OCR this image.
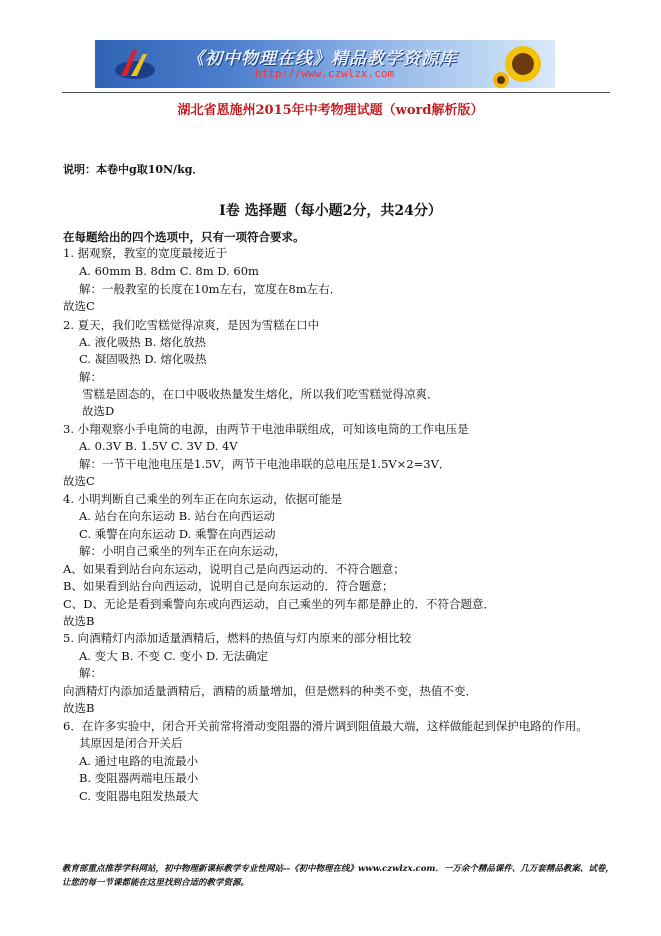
《初中物理在线》精品教学资源库
http://www.czwlzx.com
湖北省恩施州2015年中考物理试题（word解析版）
说明：本卷中g取10N/kg．
Ⅰ卷 选择题（每小题2分，共24分）
在每题给出的四个选项中，只有一项符合要求。
1. 据观察，教室的宽度最接近于
A. 60mm B. 8dm C. 8m D. 60m
解：一般教室的长度在10m左右，宽度在8m左右．
故选C
2. 夏天，我们吃雪糕觉得凉爽，是因为雪糕在口中
A. 液化吸热 B. 熔化放热
C. 凝固吸热 D. 熔化吸热
解：
雪糕是固态的，在口中吸收热量发生熔化，所以我们吃雪糕觉得凉爽．
故选D
3. 小翔观察小手电筒的电源，由两节干电池串联组成，可知该电筒的工作电压是
A. 0.3V B. 1.5V C. 3V D. 4V
解：一节干电池电压是1.5V，两节干电池串联的总电压是1.5V×2=3V．
故选C
4. 小明判断自己乘坐的列车正在向东运动，依据可能是
A. 站台在向东运动 B. 站台在向西运动
C. 乘警在向东运动 D. 乘警在向西运动
解：小明自己乘坐的列车正在向东运动，
A、如果看到站台向东运动，说明自己是向西运动的．不符合题意；
B、如果看到站台向西运动，说明自己是向东运动的．符合题意；
C、D、无论是看到乘警向东或向西运动，自己乘坐的列车都是静止的．不符合题意．
故选B
5. 向酒精灯内添加适量酒精后，燃料的热值与灯内原来的部分相比较
A. 变大 B. 不变 C. 变小 D. 无法确定
解：
向酒精灯内添加适量酒精后，酒精的质量增加，但是燃料的种类不变，热值不变．
故选B
6．在许多实验中，闭合开关前常将滑动变阻器的滑片调到阻值最大端，这样做能起到保护电路的作用。
其原因是闭合开关后
A. 通过电路的电流最小
B. 变阻器两端电压最小
C. 变阻器电阻发热最大
教育部重点推荐学科网站，初中物理新课标教学专业性网站--《初中物理在线》www.czwlzx.com．一万余个精品课件、几万套精品教案、试卷，让您的每一节课都能在这里找到合适的教学资源。
